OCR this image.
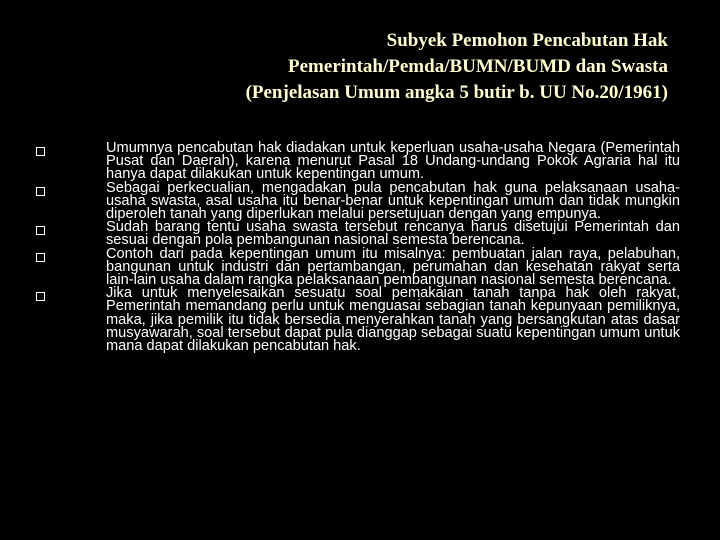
Subyek Pemohon Pencabutan Hak
Pemerintah/Pemda/BUMN/BUMD dan Swasta
(Penjelasan Umum angka 5 butir b. UU No.20/1961)
Umumnya pencabutan hak diadakan untuk keperluan usaha-usaha Negara (Pemerintah Pusat dan Daerah), karena menurut Pasal 18 Undang-undang Pokok Agraria hal itu hanya dapat dilakukan untuk kepentingan umum.
Sebagai perkecualian, mengadakan pula pencabutan hak guna pelaksanaan usaha-usaha swasta, asal usaha itu benar-benar untuk kepentingan umum dan tidak mungkin diperoleh tanah yang diperlukan melalui persetujuan dengan yang empunya.
Sudah barang tentu usaha swasta tersebut rencanya harus disetujui Pemerintah dan sesuai dengan pola pembangunan nasional semesta berencana.
Contoh dari pada kepentingan umum itu misalnya: pembuatan jalan raya, pelabuhan, bangunan untuk industri dan pertambangan, perumahan dan kesehatan rakyat serta lain-lain usaha dalam rangka pelaksanaan pembangunan nasional semesta berencana.
Jika untuk menyelesaikan sesuatu soal pemakaian tanah tanpa hak oleh rakyat, Pemerintah memandang perlu untuk menguasai sebagian tanah kepunyaan pemiliknya, maka, jika pemilik itu tidak bersedia menyerahkan tanah yang bersangkutan atas dasar musyawarah, soal tersebut dapat pula dianggap sebagai suatu kepentingan umum untuk mana dapat dilakukan pencabutan hak.
